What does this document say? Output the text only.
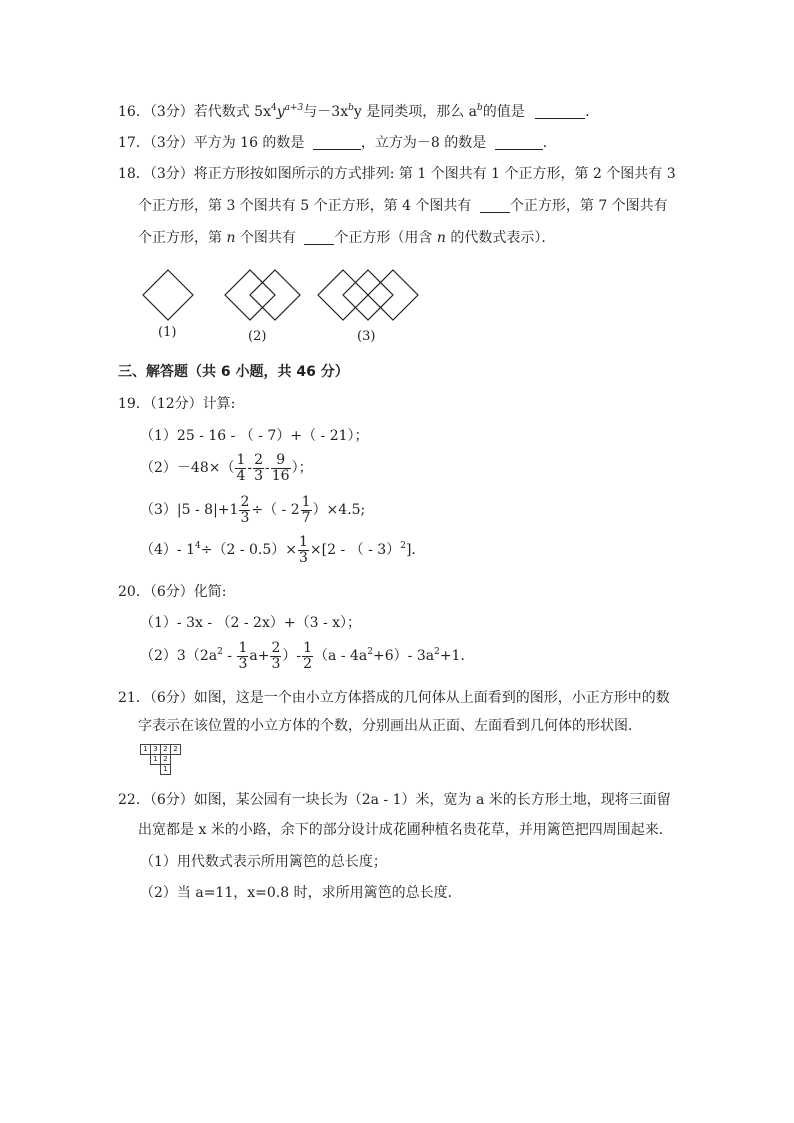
16．（3分）若代数式 $5x^4y^{a+3}$与$-3x^by$ 是同类项，那么 $a^b$的值是	．
17．（3分）平方为 16 的数是	，立方为－8 的数是	．
18．（3分）将正方形按如图所示的方式排列: 第 1 个图共有 1 个正方形，第 2 个图共有 3
个正方形，第 3 个图共有 5 个正方形，第 4 个图共有	个正方形，第 7 个图共有
个正方形，第 n 个图共有	个正方形（用含 n 的代数式表示）．
(1)	(2)	(3)
三、解答题（共 6 小题，共 46 分）
19．（12分）计算:
（1）25 - 16 - （ - 7）+（ - 21）；
$(2)-48\times( \frac{1}{4} - \frac{2}{3} - \frac{9}{16}$ ）；
$(3)|5 - 8|+1 \frac{2}{3}$ ÷（ - $2 \frac{1}{7} )\times 4.5$;
（4）- $1^4\div(2 - 0.5)\times \frac{1}{3} \times[2$ - （ - 3）$^2$]．
20．（6分）化简:
（1）- 3x - （2 - 2x）+（3 - x）；
$(2)3(2a^2 - \frac{1}{3} a+ \frac{2}{3}$ ）- $\frac{1}{2} (a - 4a^2+6)-$ $3a^2+1$．
21．（6分）如图，这是一个由小立方体搭成的几何体从上面看到的图形，小正方形中的数
字表示在该位置的小立方体的个数，分别画出从正面、左面看到几何体的形状图．
1	3	2	2
	1	2	
		1	
22．（6分）如图，某公园有一块长为（2a - 1）米，宽为 a 米的长方形土地，现将三面留
出宽都是 x 米的小路，余下的部分设计成花圃种植名贵花草，并用篱笆把四周围起来．
（1）用代数式表示所用篱笆的总长度；
（2）当 a=11，x=0.8 时，求所用篱笆的总长度．
